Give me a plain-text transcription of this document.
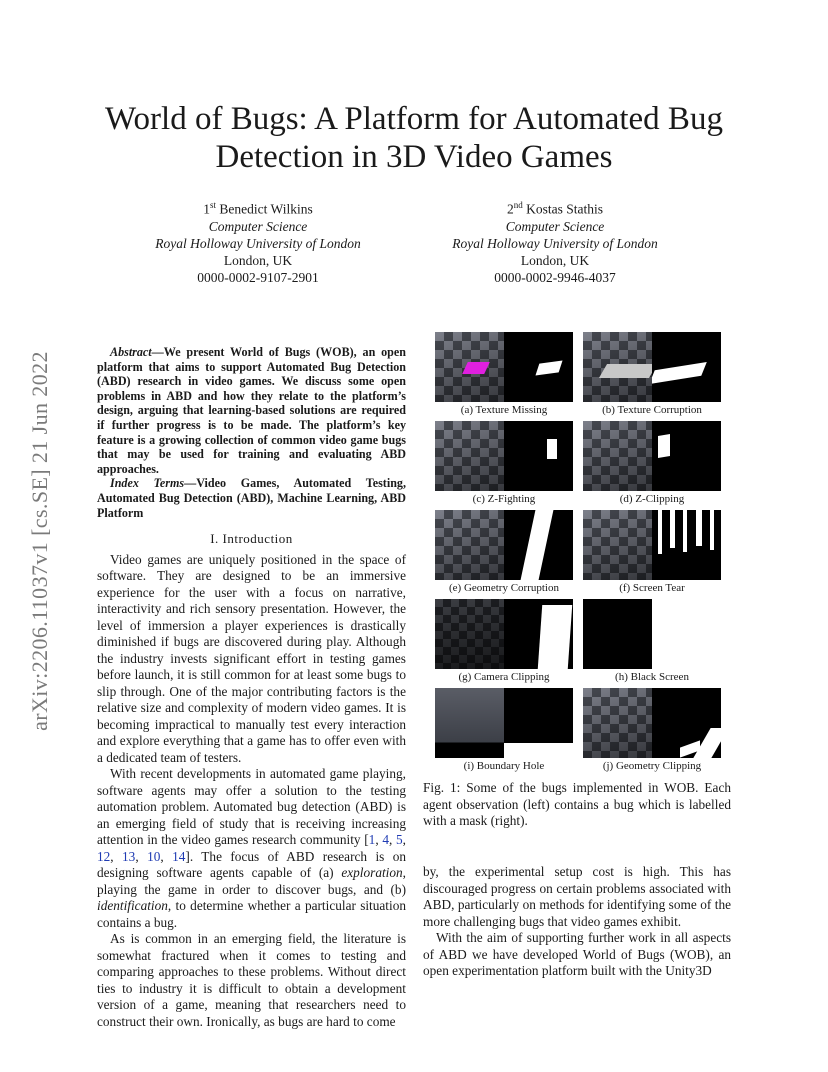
World of Bugs: A Platform for Automated Bug
Detection in 3D Video Games
1st Benedict Wilkins
Computer Science
Royal Holloway University of London
London, UK
0000-0002-9107-2901
2nd Kostas Stathis
Computer Science
Royal Holloway University of London
London, UK
0000-0002-9946-4037
arXiv:2206.11037v1 [cs.SE] 21 Jun 2022	Abstract—We present World of Bugs (WOB), an open platform that aims to support Automated Bug Detection (ABD) research in video games. We discuss some open problems in ABD and how they relate to the platform’s design, arguing that learning-based solutions are required if further progress is to be made. The platform’s key feature is a growing collection of common video game bugs that may be used for training and evaluating ABD approaches.

Index Terms—Video Games, Automated Testing, Automated Bug Detection (ABD), Machine Learning, ABD Platform

I. Introduction

Video games are uniquely positioned in the space of software. They are designed to be an immersive experience for the user with a focus on narrative, interactivity and rich sensory presentation. However, the level of immersion a player experiences is drastically diminished if bugs are discovered during play. Although the industry invests significant effort in testing games before launch, it is still common for at least some bugs to slip through. One of the major contributing factors is the relative size and complexity of modern video games. It is becoming impractical to manually test every interaction and explore everything that a game has to offer even with a dedicated team of testers.

With recent developments in automated game playing, software agents may offer a solution to the testing automation problem. Automated bug detection (ABD) is an emerging field of study that is receiving increasing attention in the video games research community [1, 4, 5, 12, 13, 10, 14]. The focus of ABD research is on designing software agents capable of (a) exploration, playing the game in order to discover bugs, and (b) identification, to determine whether a particular situation contains a bug.

As is common in an emerging field, the literature is somewhat fractured when it comes to testing and comparing approaches to these problems. Without direct ties to industry it is difficult to obtain a development version of a game, meaning that researchers need to construct their own. Ironically, as bugs are hard to come

(a) Texture Missing	(b) Texture Corruption
(c) Z-Fighting	(d) Z-Clipping
(e) Geometry Corruption	(f) Screen Tear
(g) Camera Clipping	(h) Black Screen
(i) Boundary Hole	(j) Geometry Clipping
Fig. 1: Some of the bugs implemented in WOB. Each agent observation (left) contains a bug which is labelled with a mask (right).

by, the experimental setup cost is high. This has discouraged progress on certain problems associated with ABD, particularly on methods for identifying some of the more challenging bugs that video games exhibit.

With the aim of supporting further work in all aspects of ABD we have developed World of Bugs (WOB), an open experimentation platform built with the Unity3D
